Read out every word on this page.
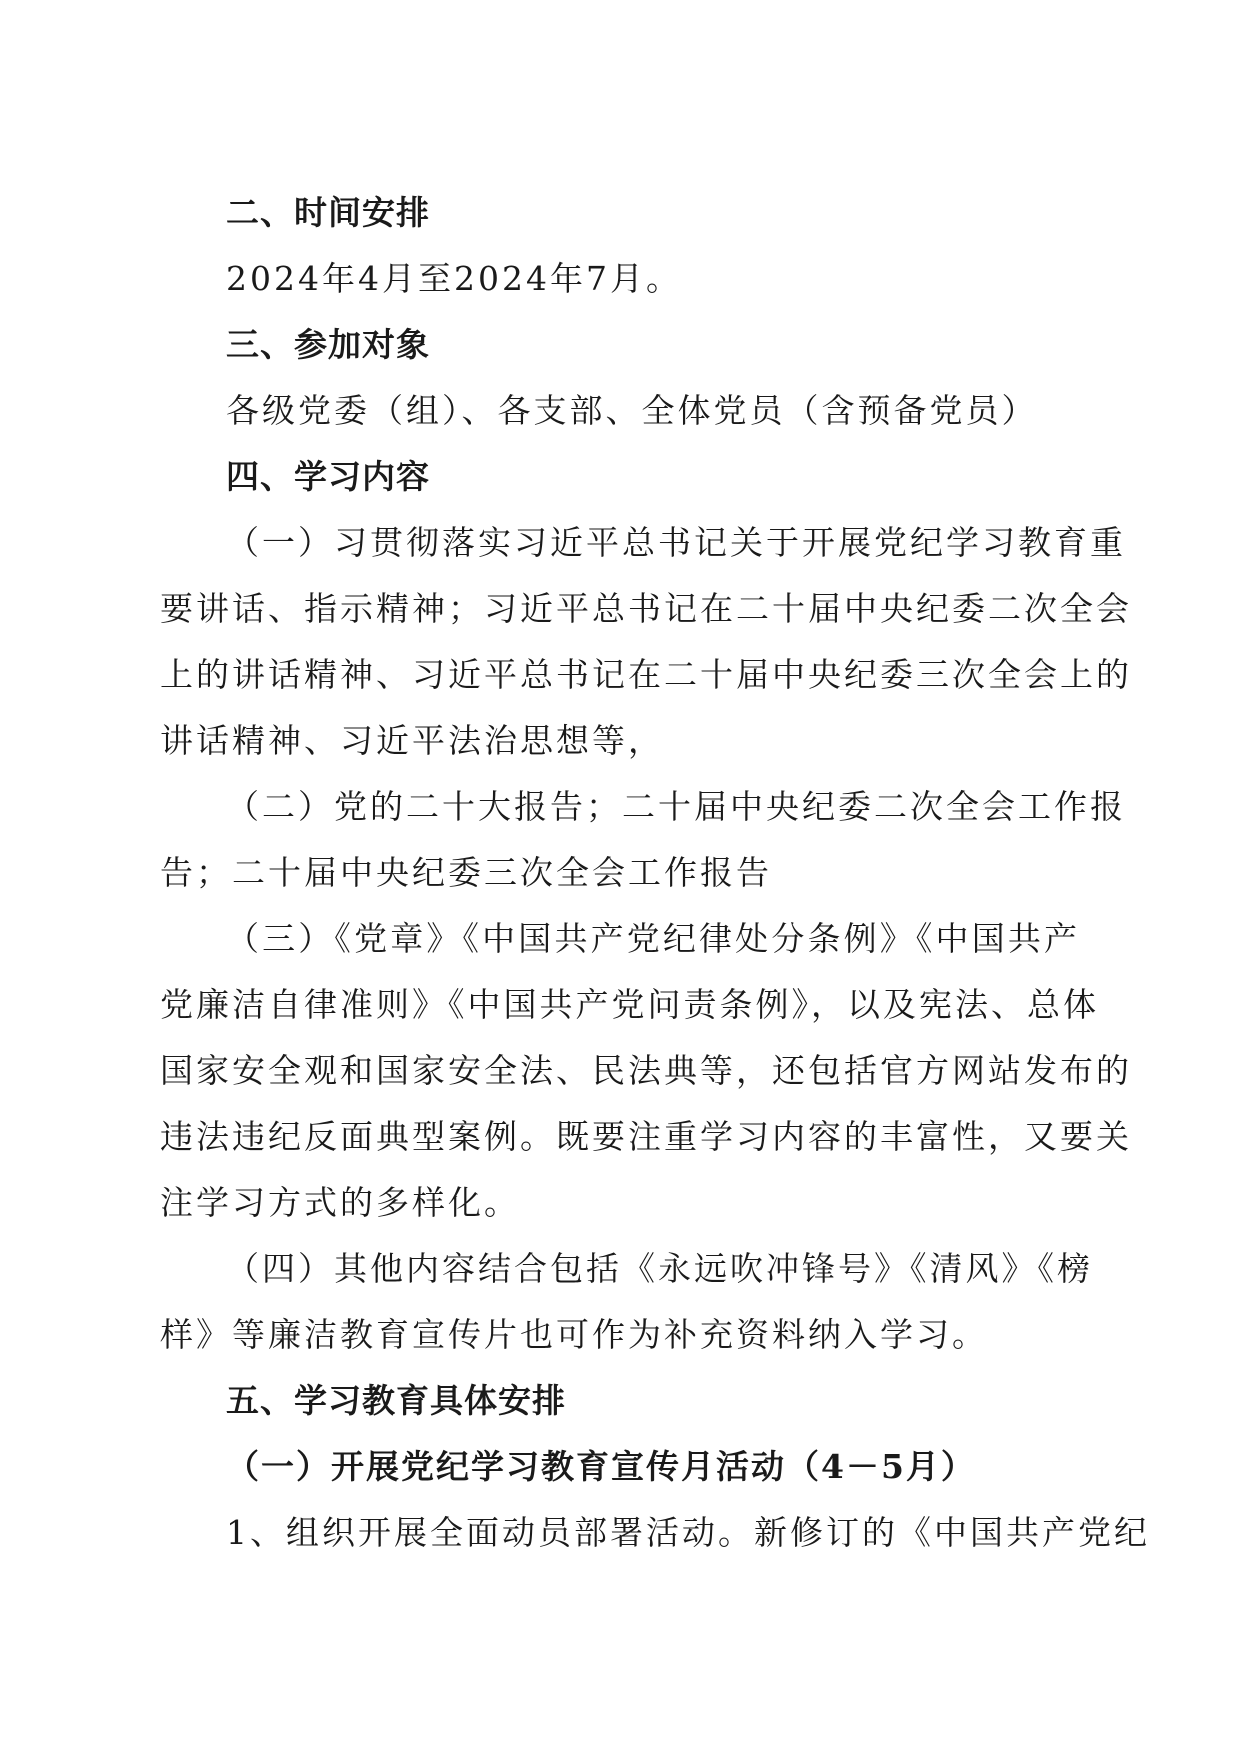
二、时间安排
2024年4月至2024年7月。
三、参加对象
各级党委（组）、各支部、全体党员（含预备党员）
四、学习内容
（一）习贯彻落实习近平总书记关于开展党纪学习教育重
要讲话、指示精神；习近平总书记在二十届中央纪委二次全会
上的讲话精神、习近平总书记在二十届中央纪委三次全会上的
讲话精神、习近平法治思想等，
（二）党的二十大报告；二十届中央纪委二次全会工作报
告；二十届中央纪委三次全会工作报告
（三）《党章》《中国共产党纪律处分条例》《中国共产
党廉洁自律准则》《中国共产党问责条例》，以及宪法、总体
国家安全观和国家安全法、民法典等，还包括官方网站发布的
违法违纪反面典型案例。既要注重学习内容的丰富性，又要关
注学习方式的多样化。
（四）其他内容结合包括《永远吹冲锋号》《清风》《榜
样》等廉洁教育宣传片也可作为补充资料纳入学习。
五、学习教育具体安排
（一）开展党纪学习教育宣传月活动（4－5月）
1、组织开展全面动员部署活动。新修订的《中国共产党纪
